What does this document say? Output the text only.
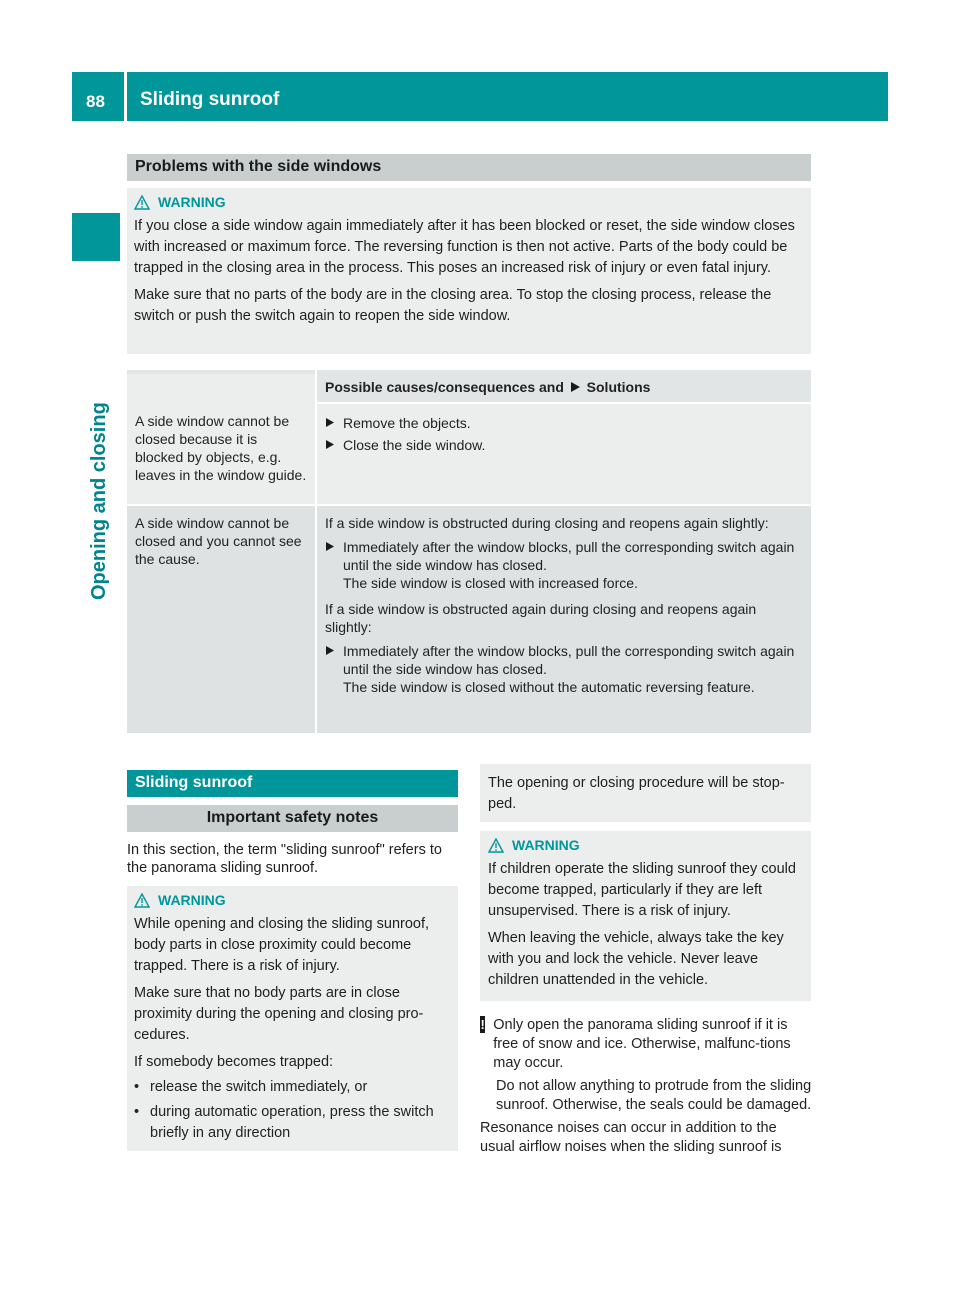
88 Sliding sunroof
Opening and closing
Problems with the side windows
WARNING
If you close a side window again immediately after it has been blocked or reset, the side window closes with increased or maximum force. The reversing function is then not active. Parts of the body could be trapped in the closing area in the process. This poses an increased risk of injury or even fatal injury.
Make sure that no parts of the body are in the closing area. To stop the closing process, release the switch or push the switch again to reopen the side window.
Possible causes/consequences and Solutions
A side window cannot be closed because it is blocked by objects, e.g. leaves in the window guide.
Remove the objects.
Close the side window.
A side window cannot be closed and you cannot see the cause.
If a side window is obstructed during closing and reopens again slightly:
Immediately after the window blocks, pull the corresponding switch again until the side window has closed.
The side window is closed with increased force.
If a side window is obstructed again during closing and reopens again slightly:
Immediately after the window blocks, pull the corresponding switch again until the side window has closed.
The side window is closed without the automatic reversing feature.
Sliding sunroof
Important safety notes
In this section, the term "sliding sunroof" refers to the panorama sliding sunroof.
WARNING
While opening and closing the sliding sunroof, body parts in close proximity could become trapped. There is a risk of injury.
Make sure that no body parts are in close proximity during the opening and closing pro-cedures.
If somebody becomes trapped:
• release the switch immediately, or
• during automatic operation, press the switch briefly in any direction
The opening or closing procedure will be stop-ped.
WARNING
If children operate the sliding sunroof they could become trapped, particularly if they are left unsupervised. There is a risk of injury.
When leaving the vehicle, always take the key with you and lock the vehicle. Never leave children unattended in the vehicle.
! Only open the panorama sliding sunroof if it is free of snow and ice. Otherwise, malfunc-tions may occur.
Do not allow anything to protrude from the sliding sunroof. Otherwise, the seals could be damaged.
Resonance noises can occur in addition to the usual airflow noises when the sliding sunroof is
